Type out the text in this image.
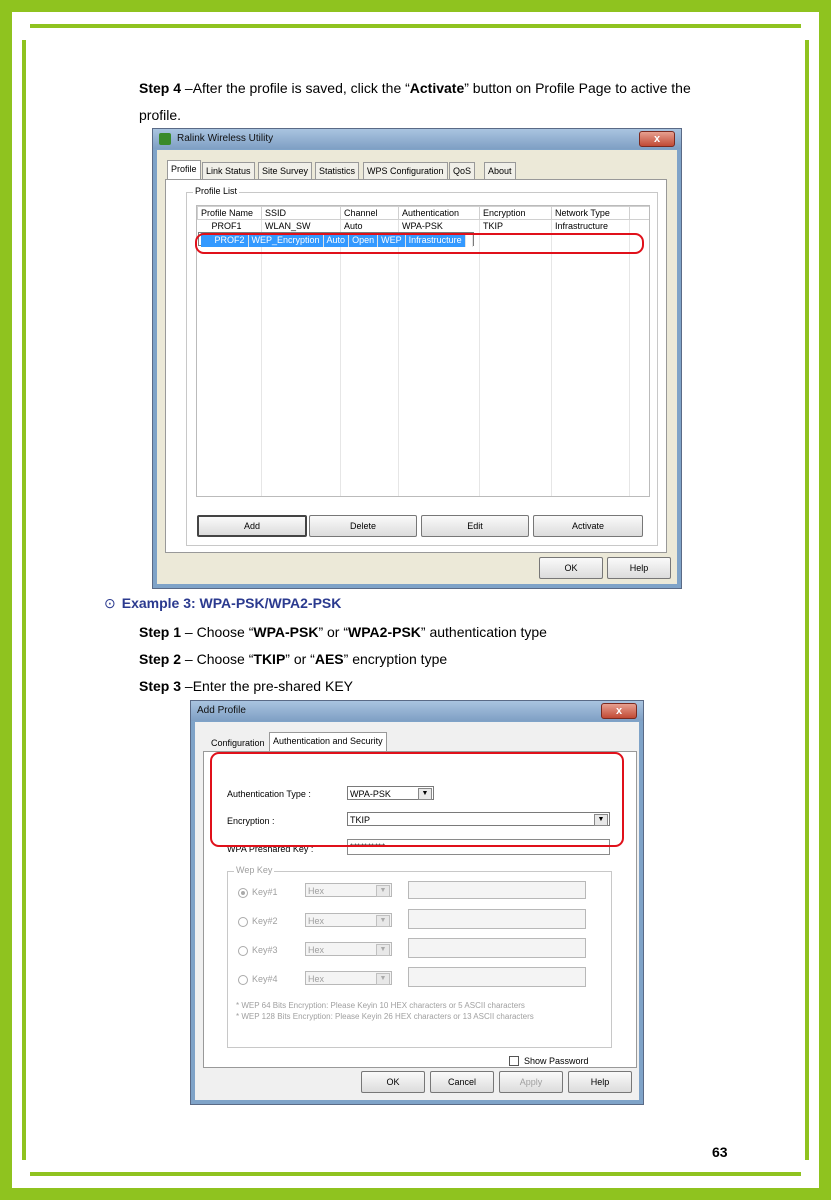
Step 4 –After the profile is saved, click the “Activate” button on Profile Page to active the
profile.
Ralink Wireless Utility	x
Profile	Link Status	Site Survey	Statistics	WPS Configuration	QoS	About
Profile List
Profile Name	SSID	Channel	Authentication	Encryption	Network Type	
PROF1	WLAN_SW	Auto	WPA-PSK	TKIP	Infrastructure	

PROF2	WEP_Encryption	Auto	Open	WEP	Infrastructure	
Add	Delete	Edit	Activate
OK	Help
⊙ Example 3: WPA-PSK/WPA2-PSK
Step 1 – Choose “WPA-PSK” or “WPA2-PSK” authentication type
Step 2 – Choose “TKIP” or “AES” encryption type
Step 3 –Enter the pre-shared KEY
Add Profile	x
Configuration Authentication and Security
Authentication Type :	WPA-PSK	▼
Encryption :	TKIP	▼
WPA Preshared Key :	**********
Wep Key
Key#1	Hex	▼
Key#2	Hex	▼
Key#3	Hex	▼
Key#4	Hex	▼
* WEP 64 Bits Encryption: Please Keyin 10 HEX characters or 5 ASCII characters
* WEP 128 Bits Encryption: Please Keyin 26 HEX characters or 13 ASCII characters
Show Password
OK	Cancel	Apply	Help
63
